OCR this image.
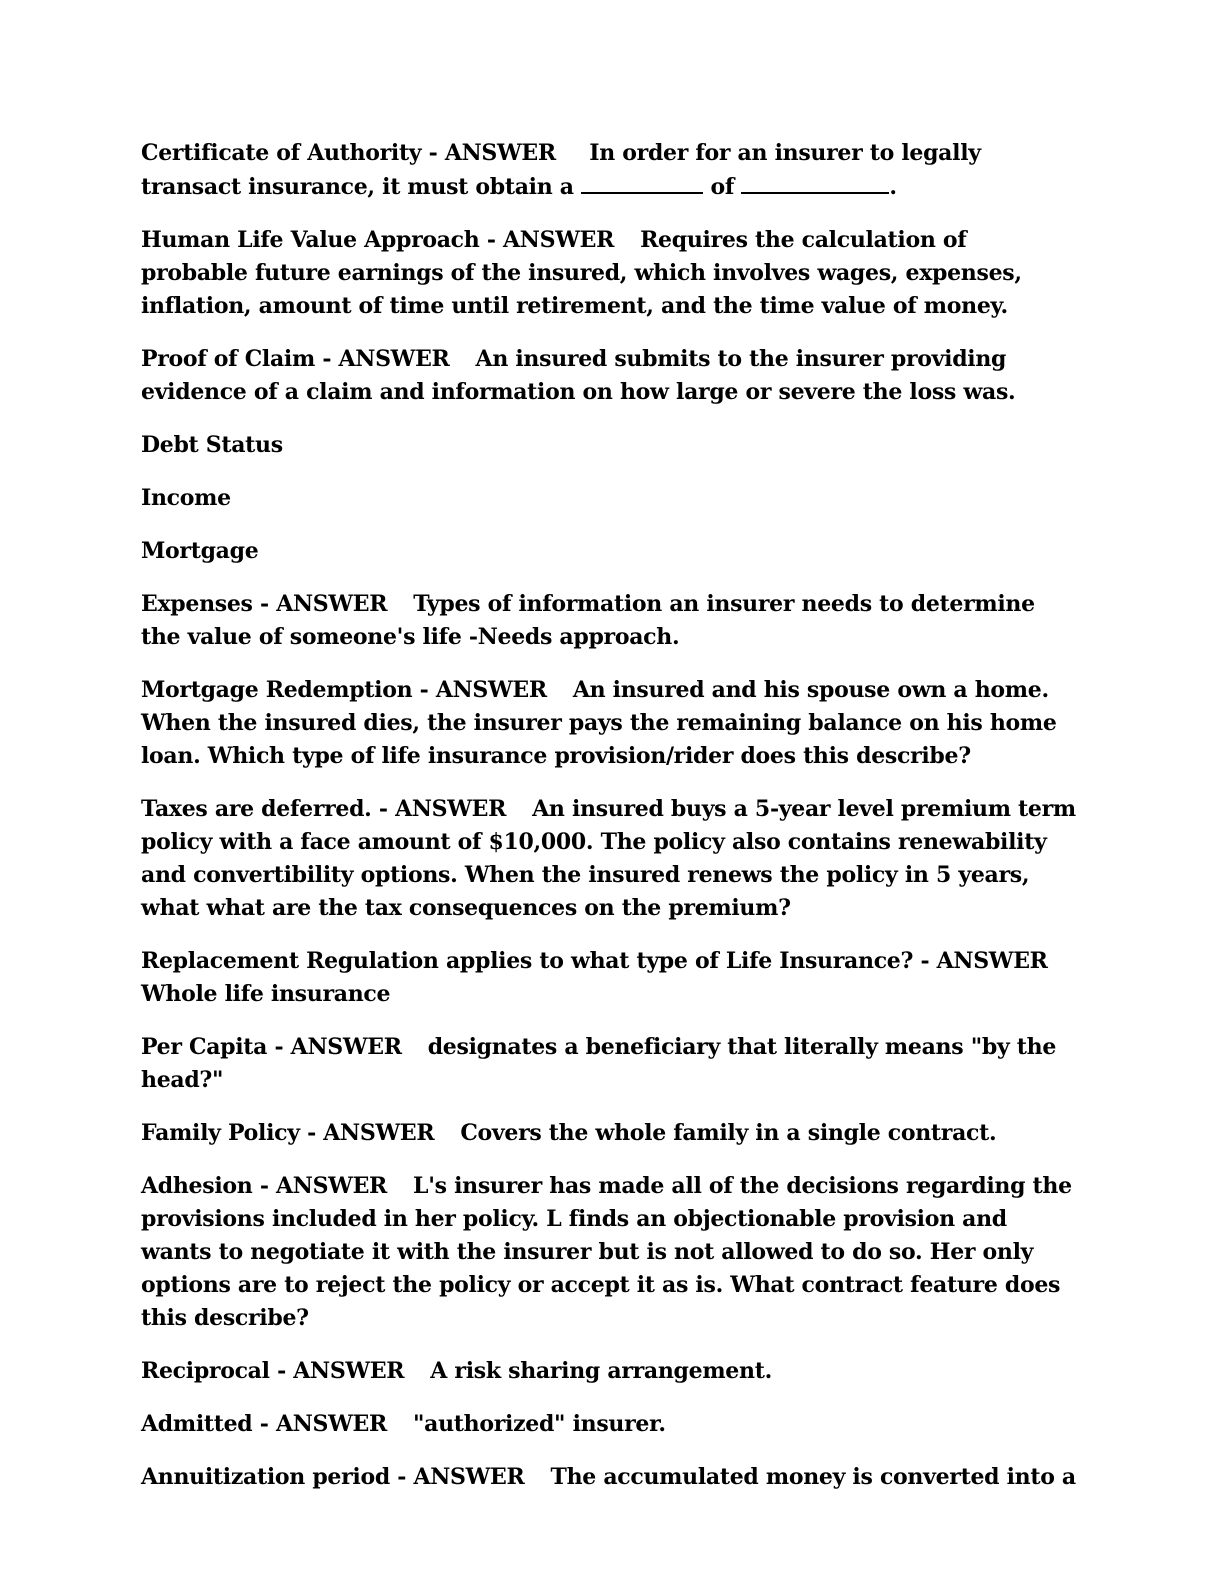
Certificate of Authority - ANSWER In order for an insurer to legally transact insurance, it must obtain a	of	.

Human Life Value Approach - ANSWER Requires the calculation of probable future earnings of the insured, which involves wages, expenses, inflation, amount of time until retirement, and the time value of money.

Proof of Claim - ANSWER An insured submits to the insurer providing evidence of a claim and information on how large or severe the loss was.

Debt Status

Income

Mortgage

Expenses - ANSWER Types of information an insurer needs to determine the value of someone's life -Needs approach.

Mortgage Redemption - ANSWER An insured and his spouse own a home. When the insured dies, the insurer pays the remaining balance on his home loan. Which type of life insurance provision/rider does this describe?

Taxes are deferred. - ANSWER An insured buys a 5-year level premium term policy with a face amount of $10,000. The policy also contains renewability and convertibility options. When the insured renews the policy in 5 years, what what are the tax consequences on the premium?

Replacement Regulation applies to what type of Life Insurance? - ANSWERWhole life insurance

Per Capita - ANSWER designates a beneficiary that literally means "by the head?"

Family Policy - ANSWER Covers the whole family in a single contract.

Adhesion - ANSWER L's insurer has made all of the decisions regarding the provisions included in her policy. L finds an objectionable provision and wants to negotiate it with the insurer but is not allowed to do so. Her only options are to reject the policy or accept it as is. What contract feature does this describe?

Reciprocal - ANSWER A risk sharing arrangement.

Admitted - ANSWER "authorized" insurer.

Annuitization period - ANSWER The accumulated money is converted into a
